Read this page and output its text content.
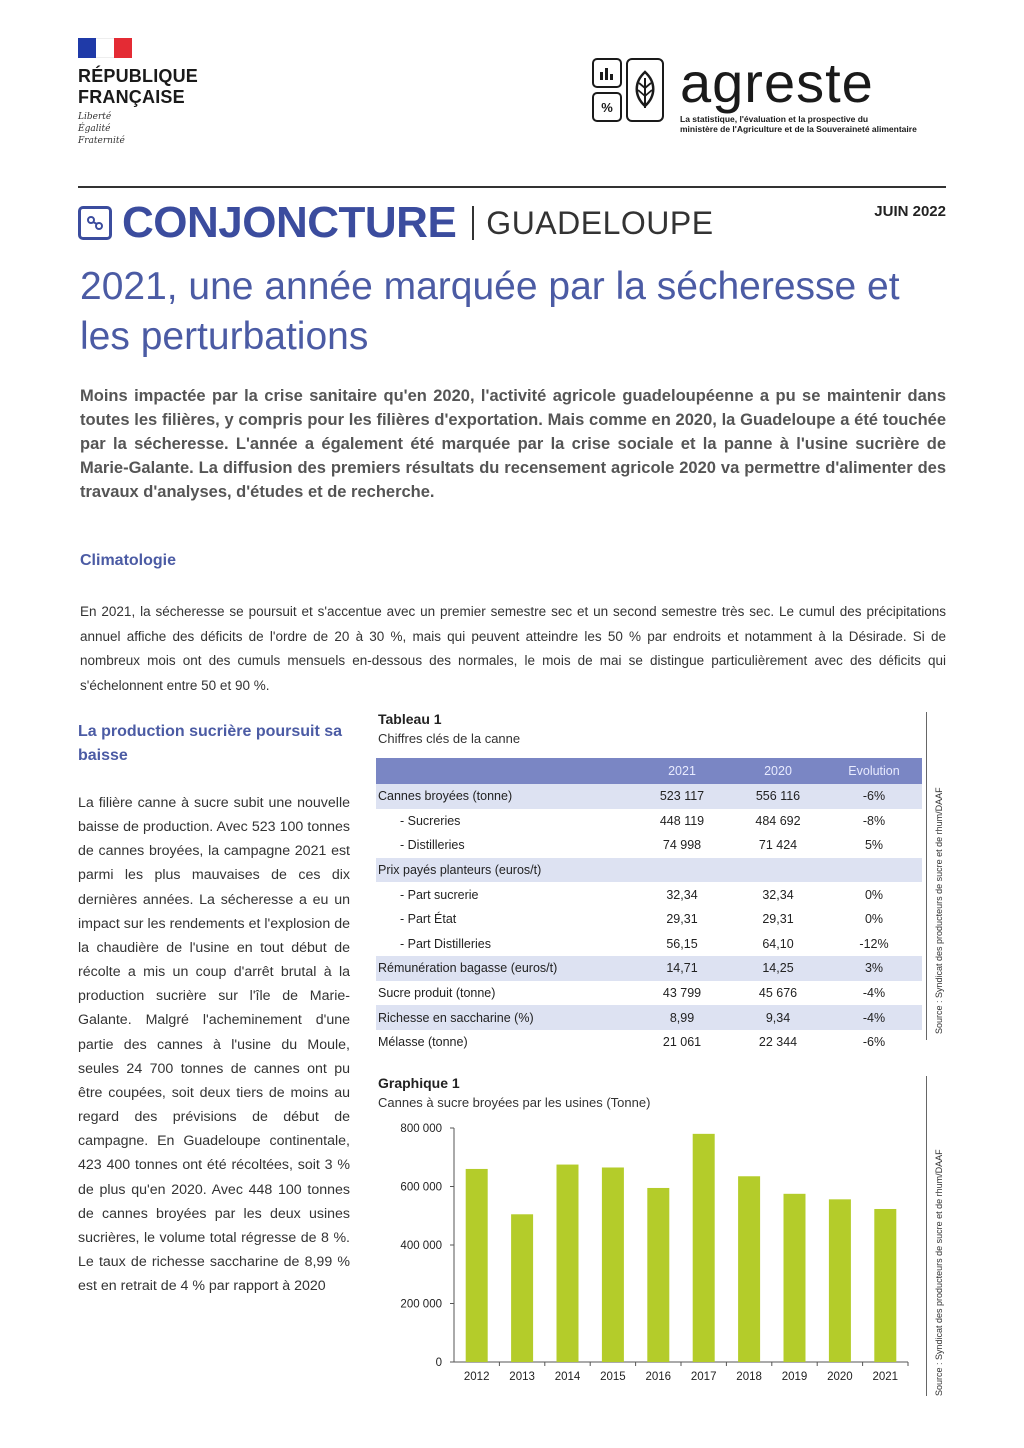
RÉPUBLIQUE
FRANÇAISE
Liberté
Égalité
Fraternité
% agreste
La statistique, l'évaluation et la prospective du
ministère de l'Agriculture et de la Souveraineté alimentaire
CONJONCTURE GUADELOUPE	JUIN 2022
2021, une année marquée par la sécheresse et les perturbations

Moins impactée par la crise sanitaire qu'en 2020, l'activité agricole guadeloupéenne a pu se maintenir dans toutes les filières, y compris pour les filières d'exportation. Mais comme en 2020, la Guadeloupe a été touchée par la sécheresse. L'année a également été marquée par la crise sociale et la panne à l'usine sucrière de Marie-Galante. La diffusion des premiers résultats du recensement agricole 2020 va permettre d'alimenter des travaux d'analyses, d'études et de recherche.

Climatologie

En 2021, la sécheresse se poursuit et s'accentue avec un premier semestre sec et un second semestre très sec. Le cumul des précipitations annuel affiche des déficits de l'ordre de 20 à 30 %, mais qui peuvent atteindre les 50 % par endroits et notamment à la Désirade. Si de nombreux mois ont des cumuls mensuels en-dessous des normales, le mois de mai se distingue particulièrement avec des déficits qui s'échelonnent entre 50 et 90 %.

La production sucrière poursuit sa baisse

La filière canne à sucre subit une nouvelle baisse de production. Avec 523 100 tonnes de cannes broyées, la campagne 2021 est parmi les plus mauvaises de ces dix dernières années. La sécheresse a eu un impact sur les rendements et l'explosion de la chaudière de l'usine en tout début de récolte a mis un coup d'arrêt brutal à la production sucrière sur l'île de Marie-Galante. Malgré l'acheminement d'une partie des cannes à l'usine du Moule, seules 24 700 tonnes de cannes ont pu être coupées, soit deux tiers de moins au regard des prévisions de début de campagne. En Guadeloupe continentale, 423 400 tonnes ont été récoltées, soit 3 % de plus qu'en 2020. Avec 448 100 tonnes de cannes broyées par les deux usines sucrières, le volume total régresse de 8 %. Le taux de richesse saccharine de 8,99 % est en retrait de 4 % par rapport à 2020

Tableau 1
Chiffres clés de la canne
	2021	2020	Evolution
Cannes broyées (tonne)	523 117	556 116	-6%
- Sucreries	448 119	484 692	-8%
- Distilleries	74 998	71 424	5%
Prix payés planteurs (euros/t)			
- Part sucrerie	32,34	32,34	0%
- Part État	29,31	29,31	0%
- Part Distilleries	56,15	64,10	-12%
Rémunération bagasse (euros/t)	14,71	14,25	3%
Sucre produit (tonne)	43 799	45 676	-4%
Richesse en saccharine (%)	8,99	9,34	-4%
Mélasse (tonne)	21 061	22 344	-6%
Source : Syndicat des producteurs de sucre et de rhum/DAAF
Graphique 1
Cannes à sucre broyées par les usines (Tonne)
0
200 000
400 000
600 000
800 000
2012 2013 2014 2015 2016 2017 2018 2019 2020 2021	Source : Syndicat des producteurs de sucre et de rhum/DAAF
